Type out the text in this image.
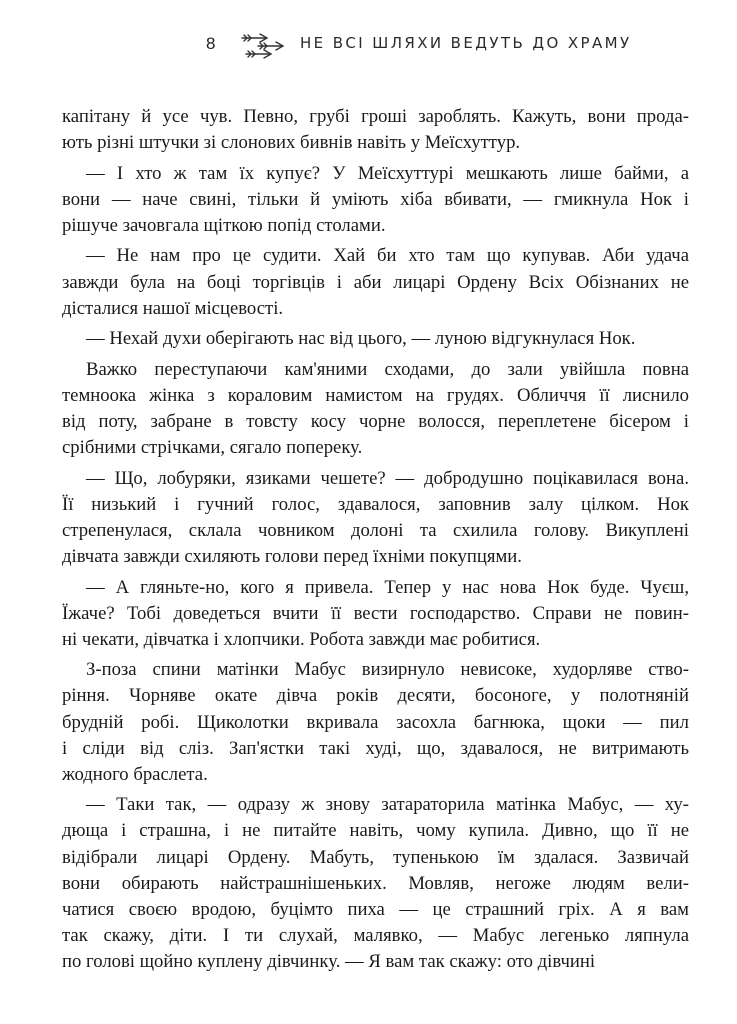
8	НЕ ВСІ ШЛЯХИ ВЕДУТЬ ДО ХРАМУ
капітану й усе чув. Певно, грубі гроші зароблять. Кажуть, вони прода-
ють різні штучки зі слонових бивнів навіть у Меїсхуттур.
— І хто ж там їх купує? У Меїсхуттурі мешкають лише байми, а
вони — наче свині, тільки й уміють хіба вбивати, — гмикнула Нок і
рішуче зачовгала щіткою попід столами.
— Не нам про це судити. Хай би хто там що купував. Аби удача
завжди була на боці торгівців і аби лицарі Ордену Всіх Обізнаних не
дісталися нашої місцевості.
— Нехай духи оберігають нас від цього, — луною відгукнулася Нок.
Важко переступаючи кам'яними сходами, до зали увійшла повна
темноока жінка з кораловим намистом на грудях. Обличчя її лиснило
від поту, забране в товсту косу чорне волосся, переплетене бісером і
срібними стрічками, сягало попереку.
— Що, лобуряки, язиками чешете? — добродушно поцікавилася вона.
Її низький і гучний голос, здавалося, заповнив залу цілком. Нок
стрепенулася, склала човником долоні та схилила голову. Викуплені
дівчата завжди схиляють голови перед їхніми покупцями.
— А гляньте-но, кого я привела. Тепер у нас нова Нок буде. Чуєш,
Їжаче? Тобі доведеться вчити її вести господарство. Справи не повин-
ні чекати, дівчатка і хлопчики. Робота завжди має робитися.
З-поза спини матінки Мабус визирнуло невисоке, худорляве ство-
ріння. Чорняве окате дівча років десяти, босоноге, у полотняній
брудній робі. Щиколотки вкривала засохла багнюка, щоки — пил
і сліди від сліз. Зап'ястки такі худі, що, здавалося, не витримають
жодного браслета.
— Таки так, — одразу ж знову затараторила матінка Мабус, — ху-
дюща і страшна, і не питайте навіть, чому купила. Дивно, що її не
відібрали лицарі Ордену. Мабуть, тупенькою їм здалася. Зазвичай
вони обирають найстрашнішеньких. Мовляв, негоже людям вели-
чатися своєю вродою, буцімто пиха — це страшний гріх. А я вам
так скажу, діти. І ти слухай, малявко, — Мабус легенько ляпнула
по голові щойно куплену дівчинку. — Я вам так скажу: ото дівчині
